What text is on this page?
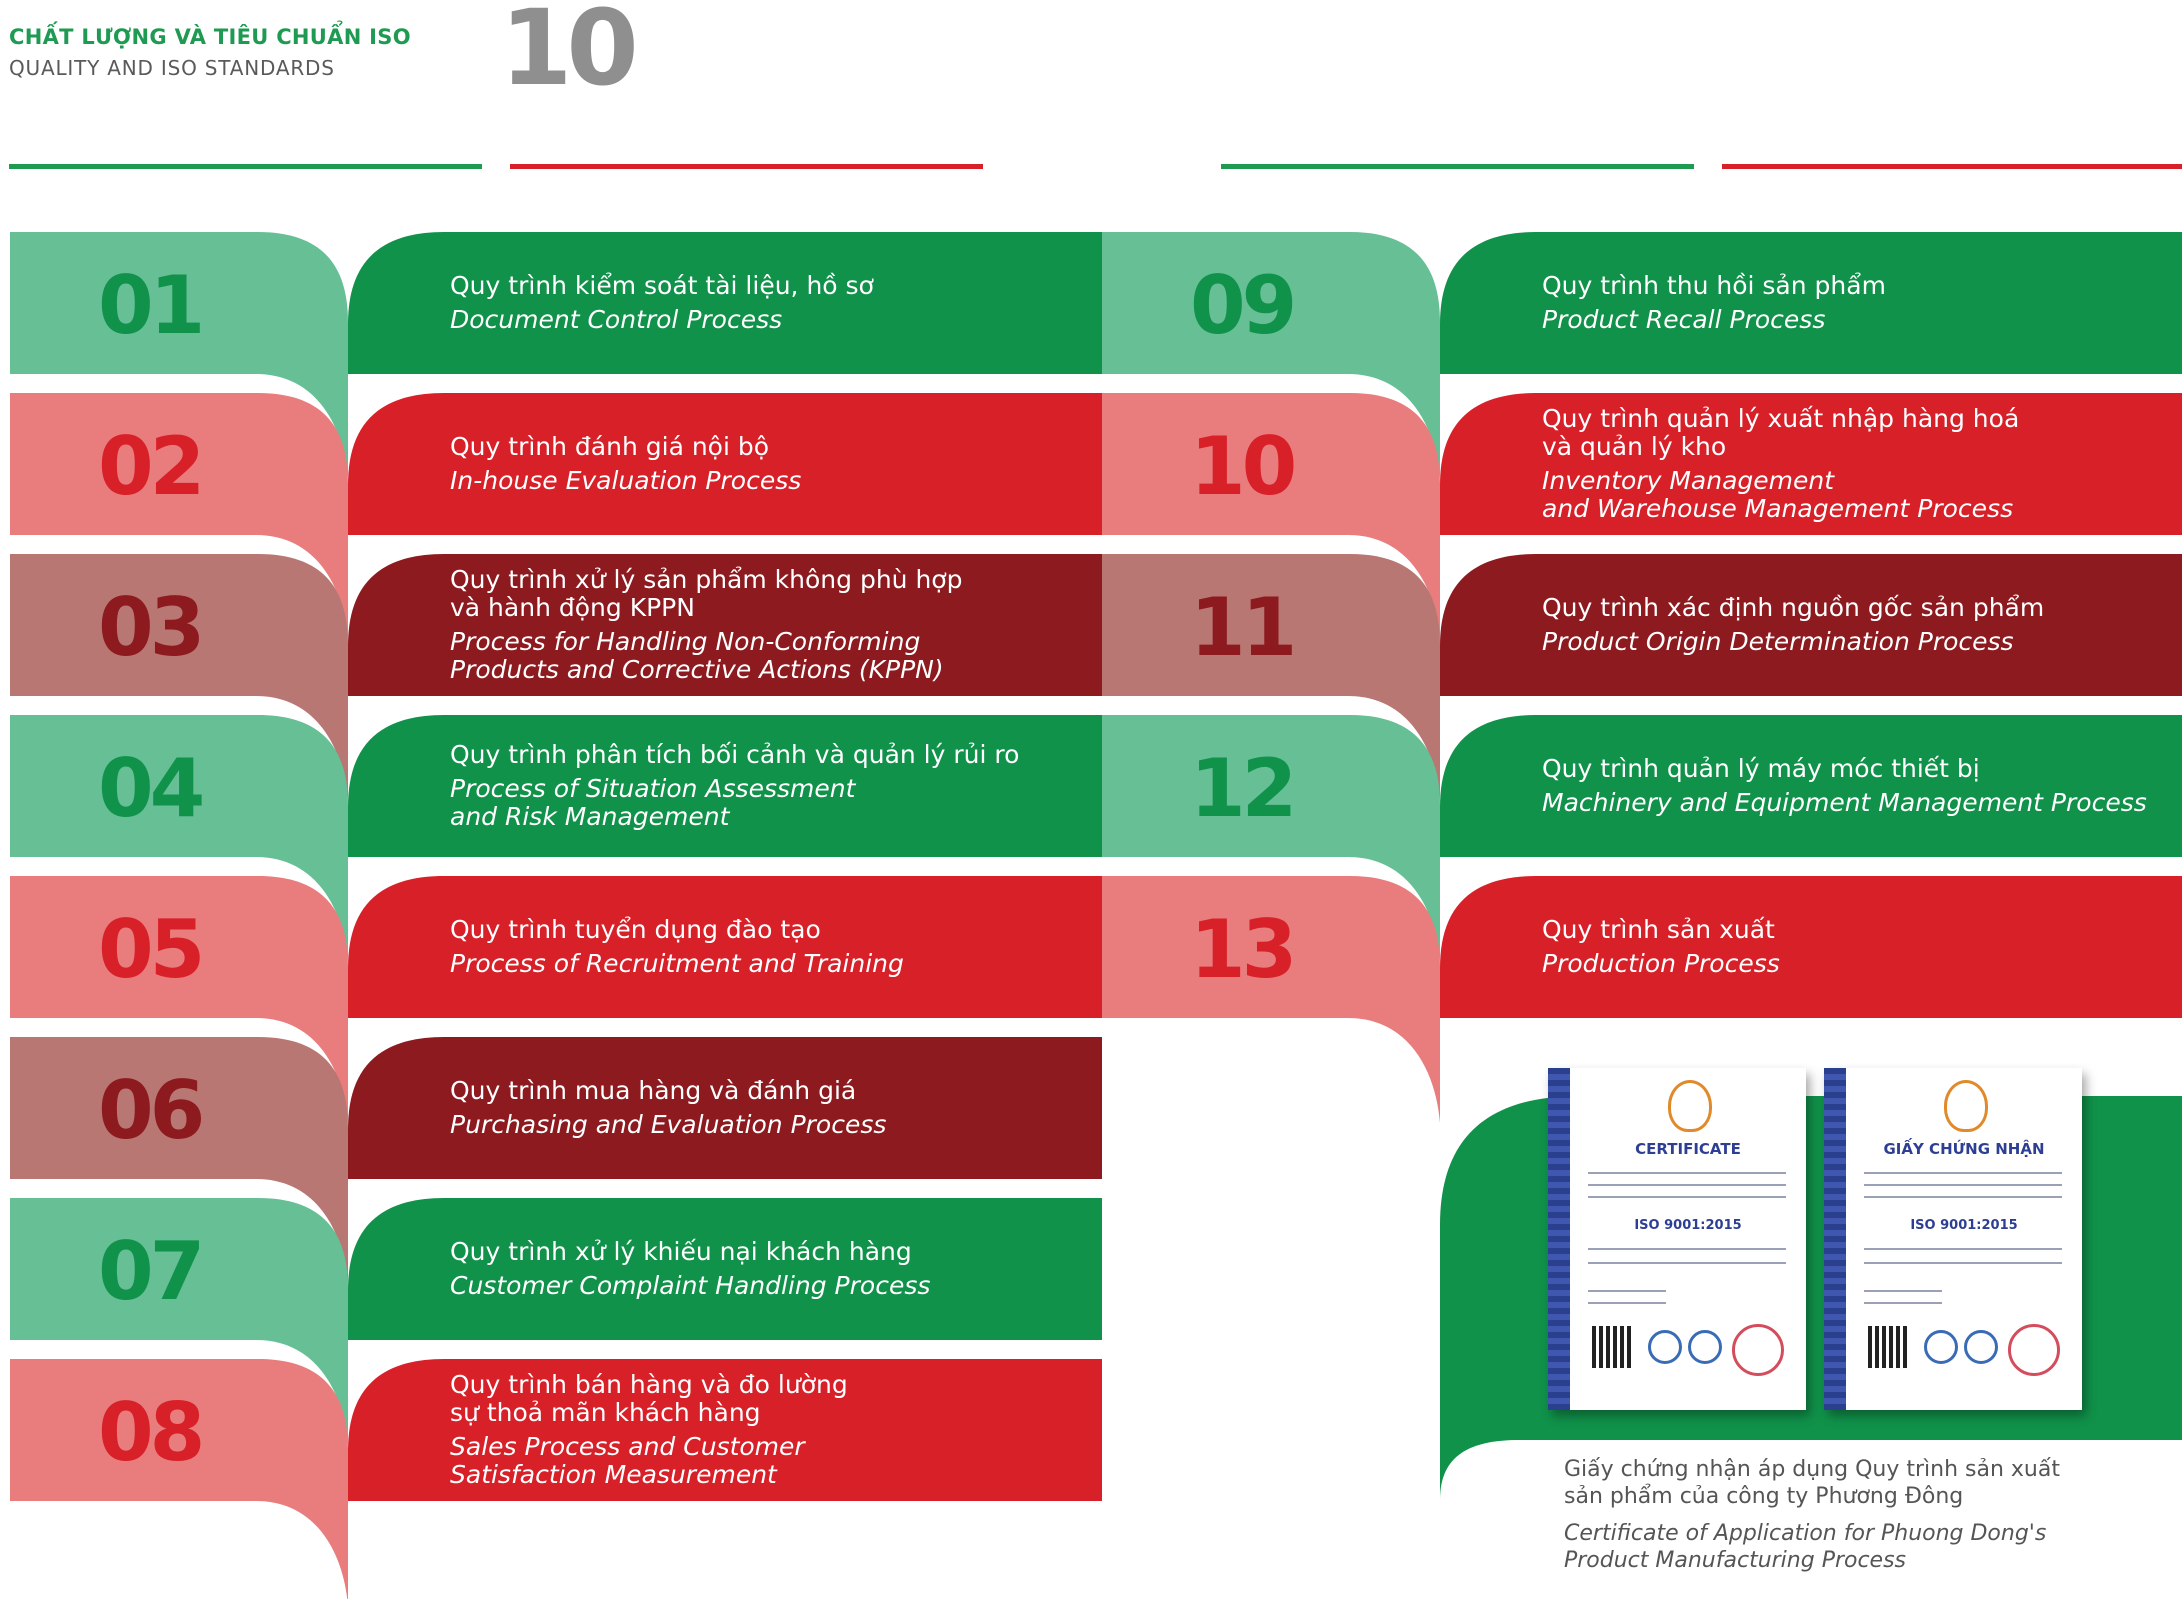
CHẤT LƯỢNG VÀ TIÊU CHUẨN ISO
QUALITY AND ISO STANDARDS 10
01	Quy trình kiểm soát tài liệu, hồ sơ
Document Control Process
02	Quy trình đánh giá nội bộ
In-house Evaluation Process
03
Quy trình xử lý sản phẩm không phù hợp
và hành động KPPN
Process for Handling Non-Conforming
Products and Corrective Actions (KPPN)
04	Quy trình phân tích bối cảnh và quản lý rủi ro
Process of Situation Assessment
and Risk Management
05	Quy trình tuyển dụng đào tạo
Process of Recruitment and Training
06	Quy trình mua hàng và đánh giá
Purchasing and Evaluation Process
07	Quy trình xử lý khiếu nại khách hàng
Customer Complaint Handling Process
08
Quy trình bán hàng và đo lường
sự thoả mãn khách hàng
Sales Process and Customer
Satisfaction Measurement
09	Quy trình thu hồi sản phẩm
Product Recall Process
10
Quy trình quản lý xuất nhập hàng hoá
và quản lý kho
Inventory Management
and Warehouse Management Process
11	Quy trình xác định nguồn gốc sản phẩm
Product Origin Determination Process
12	Quy trình quản lý máy móc thiết bị
Machinery and Equipment Management Process
13	Quy trình sản xuất
Production Process
CERTIFICATE
ISO 9001:2015
GIẤY CHỨNG NHẬN
ISO 9001:2015
Giấy chứng nhận áp dụng Quy trình sản xuất
sản phẩm của công ty Phương Đông
Certificate of Application for Phuong Dong's
Product Manufacturing Process
